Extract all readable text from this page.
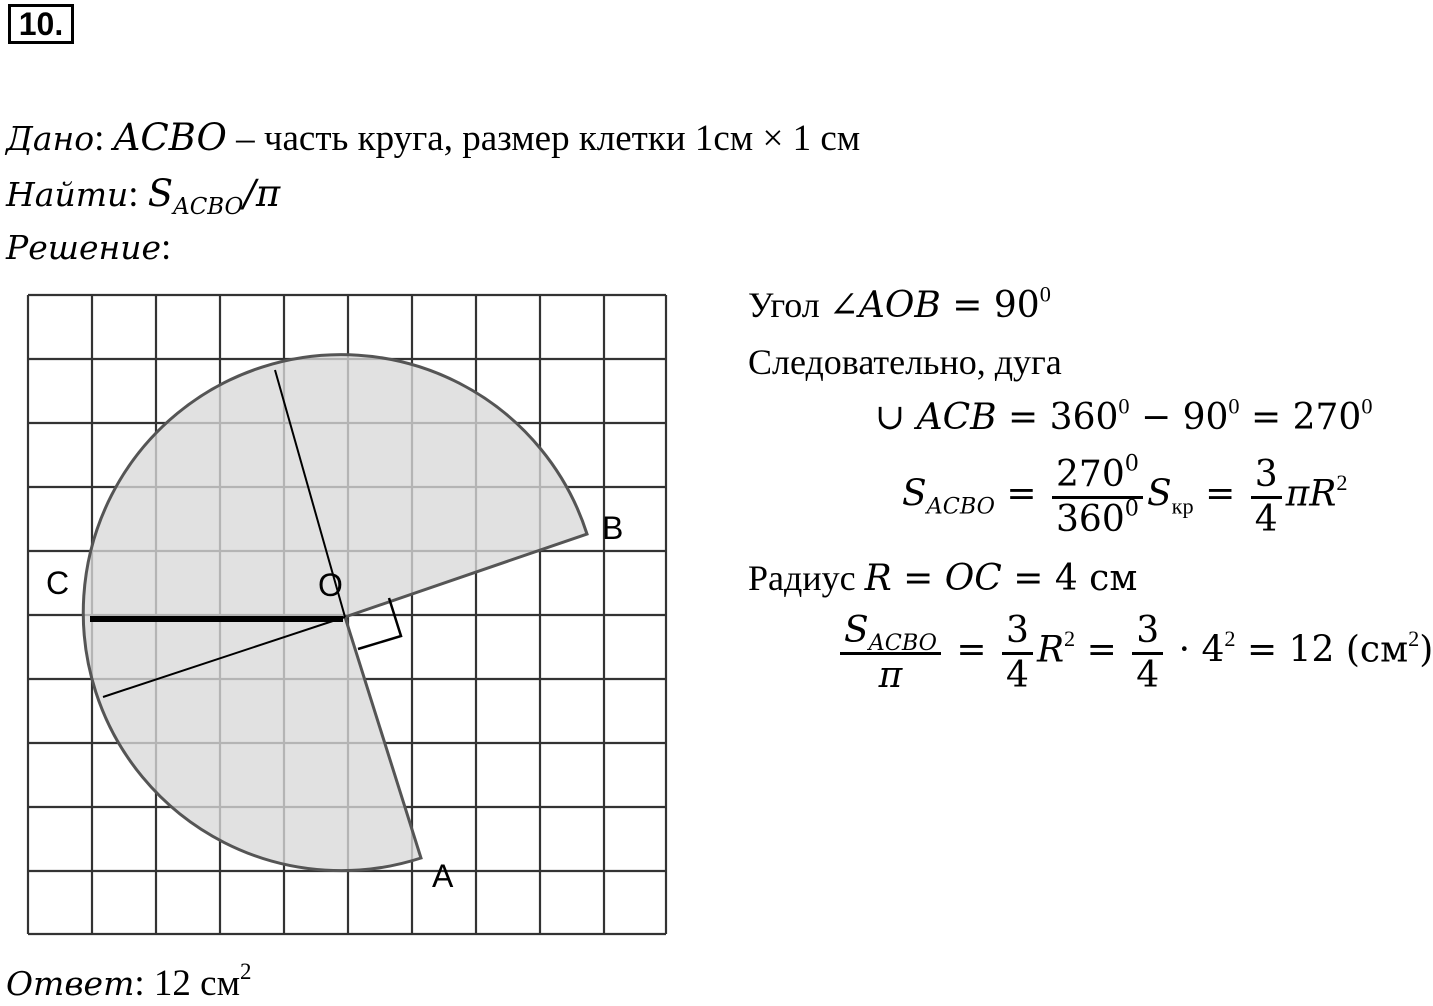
10.
Дано: ACBO – часть круга, размер клетки 1см × 1 см
Найти: $S_{ACBO}/\pi$
Решение:
C	O
B
A
Угол ∠AOB = $90^0$
Следовательно, дуга
∪ ACB = $360^0 - 90^0 = 270^0$
$S_{ACBO} = \frac{270^0}{360^0} S_{кр} = \frac{3}{4} \pi R^2$
Радиус R = OC = 4 см
$\frac{S_{ACBO}}{\pi} = \frac{3}{4} R^2 = \frac{3}{4} \cdot 4^2 = 12$ $(см^2)$
Ответ: 12 $см^2$
